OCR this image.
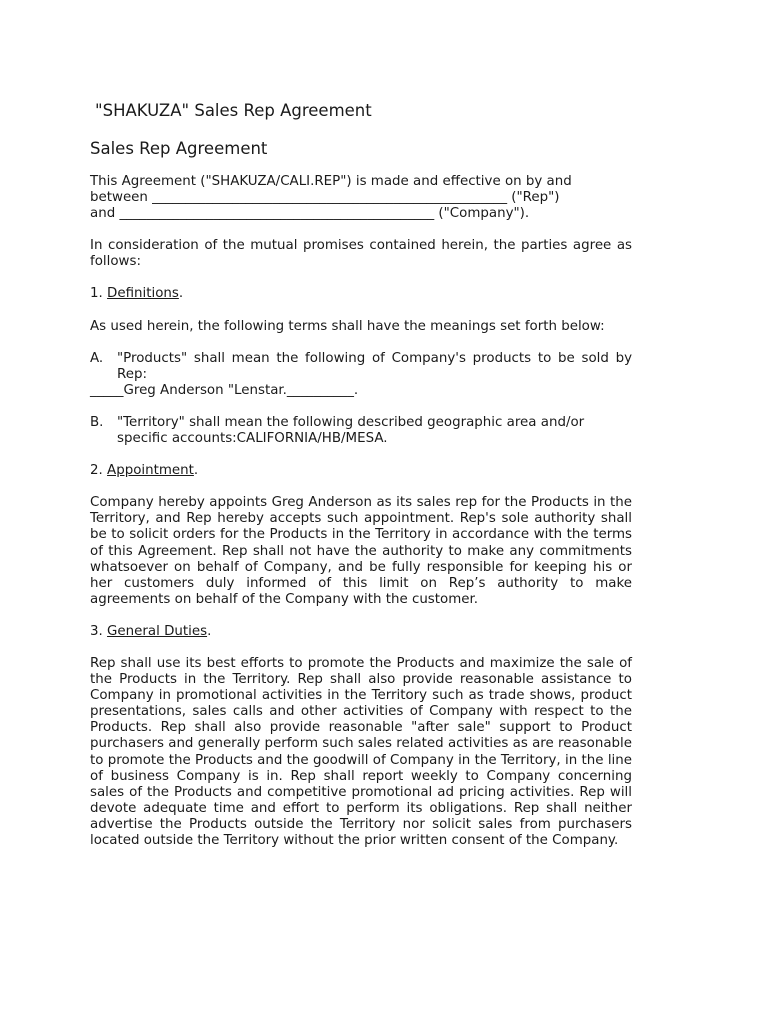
"SHAKUZA" Sales Rep Agreement
Sales Rep Agreement

This Agreement ("SHAKUZA/CALI.REP") is made and effective on by and

between _____________________________________________________ ("Rep")

and _______________________________________________ ("Company").

In consideration of the mutual promises contained herein, the parties agree as follows:

1. Definitions.

As used herein, the following terms shall have the meanings set forth below:

A.	"Products" shall mean the following of Company's products to be sold by Rep:

_____Greg Anderson "Lenstar.__________.

B.	"Territory" shall mean the following described geographic area and/or specific accounts:CALIFORNIA/HB/MESA.

2. Appointment.

Company hereby appoints Greg Anderson as its sales rep for the Products in the Territory, and Rep hereby accepts such appointment. Rep's sole authority shall be to solicit orders for the Products in the Territory in accordance with the terms of this Agreement. Rep shall not have the authority to make any commitments whatsoever on behalf of Company, and be fully responsible for keeping his or her customers duly informed of this limit on Rep’s authority to make agreements on behalf of the Company with the customer.

3. General Duties.

Rep shall use its best efforts to promote the Products and maximize the sale of the Products in the Territory. Rep shall also provide reasonable assistance to Company in promotional activities in the Territory such as trade shows, product presentations, sales calls and other activities of Company with respect to the Products. Rep shall also provide reasonable "after sale" support to Product purchasers and generally perform such sales related activities as are reasonable to promote the Products and the goodwill of Company in the Territory, in the line of business Company is in. Rep shall report weekly to Company concerning sales of the Products and competitive promotional ad pricing activities. Rep will devote adequate time and effort to perform its obligations. Rep shall neither advertise the Products outside the Territory nor solicit sales from purchasers located outside the Territory without the prior written consent of the Company.
